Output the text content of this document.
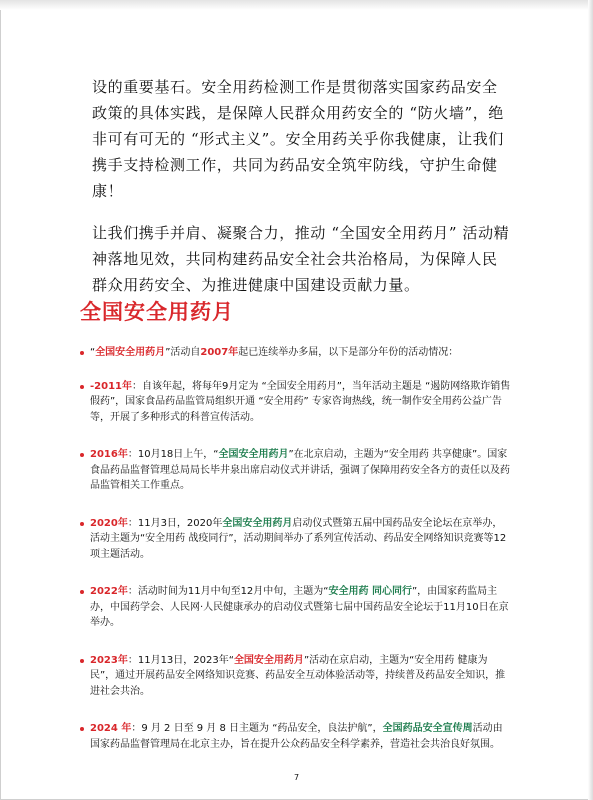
设的重要基石。安全用药检测工作是贯彻落实国家药品安全政策的具体实践，是保障人民群众用药安全的 “防火墙”，绝非可有可无的 “形式主义”。安全用药关乎你我健康，让我们携手支持检测工作，共同为药品安全筑牢防线，守护生命健康！

让我们携手并肩、凝聚合力，推动 “全国安全用药月” 活动精神落地见效，共同构建药品安全社会共治格局，为保障人民群众用药安全、为推进健康中国建设贡献力量。

全国安全用药月
“全国安全用药月”活动自2007年起已连续举办多届，以下是部分年份的活动情况：
-2011年：自该年起，将每年9月定为 “全国安全用药月”，当年活动主题是 “遏防网络欺诈销售假药”，国家食品药品监管局组织开通 “安全用药” 专家咨询热线，统一制作安全用药公益广告等，开展了多种形式的科普宣传活动。
2016年：10月18日上午，“全国安全用药月”在北京启动，主题为“安全用药 共享健康”。国家食品药品监督管理总局局长毕井泉出席启动仪式并讲话，强调了保障用药安全各方的责任以及药品监管相关工作重点。
2020年：11月3日，2020年全国安全用药月启动仪式暨第五届中国药品安全论坛在京举办，活动主题为“安全用药 战疫同行”，活动期间举办了系列宣传活动、药品安全网络知识竞赛等12项主题活动。
2022年：活动时间为11月中旬至12月中旬，主题为“安全用药 同心同行”，由国家药监局主办，中国药学会、人民网·人民健康承办的启动仪式暨第七届中国药品安全论坛于11月10日在京举办。
2023年：11月13日，2023年“全国安全用药月”活动在京启动，主题为“安全用药 健康为民”，通过开展药品安全网络知识竞赛、药品安全互动体验活动等，持续普及药品安全知识，推进社会共治。
2024 年：9 月 2 日至 9 月 8 日主题为 “药品安全，良法护航”，全国药品安全宣传周活动由国家药品监督管理局在北京主办，旨在提升公众药品安全科学素养，营造社会共治良好氛围。
7
